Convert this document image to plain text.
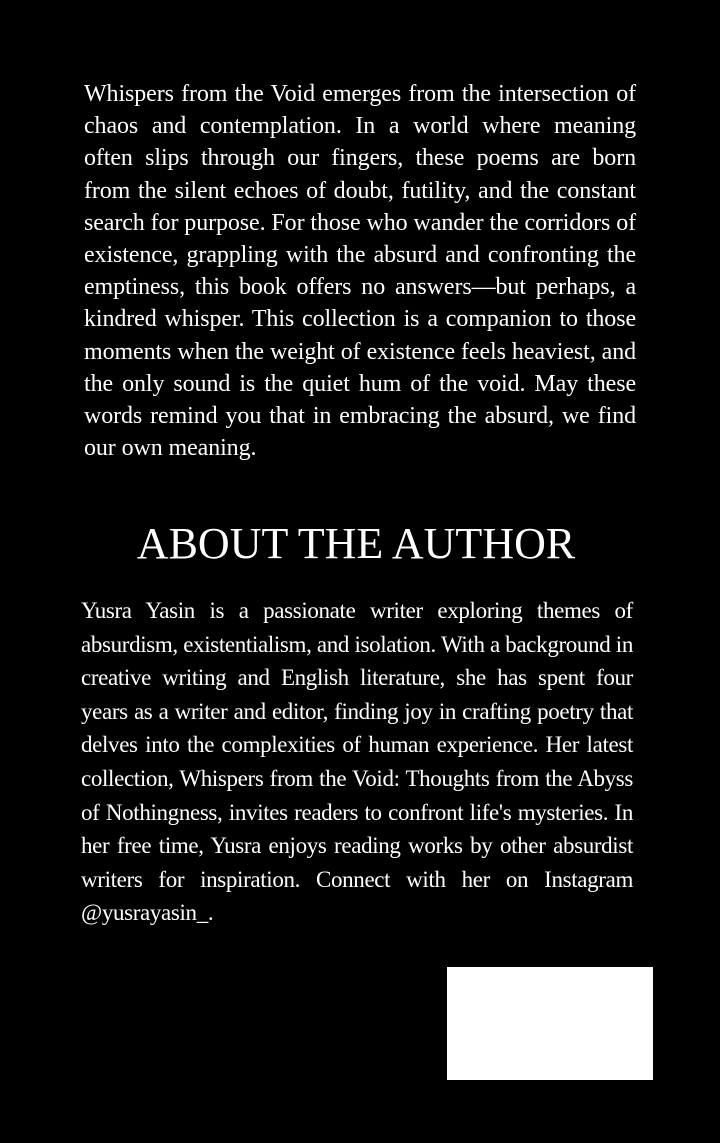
Whispers from the Void emerges from the intersection of chaos and contemplation. In a world where meaning often slips through our fingers, these poems are born from the silent echoes of doubt, futility, and the constant search for purpose. For those who wander the corridors of existence, grappling with the absurd and confronting the emptiness, this book offers no answers—but perhaps, a kindred whisper. This collection is a companion to those moments when the weight of existence feels heaviest, and the only sound is the quiet hum of the void. May these words remind you that in embracing the absurd, we find our own meaning.

ABOUT THE AUTHOR

Yusra Yasin is a passionate writer exploring themes of absurdism, existentialism, and isolation. With a background in creative writing and English literature, she has spent four years as a writer and editor, finding joy in crafting poetry that delves into the complexities of human experience. Her latest collection, Whispers from the Void: Thoughts from the Abyss of Nothingness, invites readers to confront life's mysteries. In her free time, Yusra enjoys reading works by other absurdist writers for inspiration. Connect with her on Instagram @yusrayasin_.
